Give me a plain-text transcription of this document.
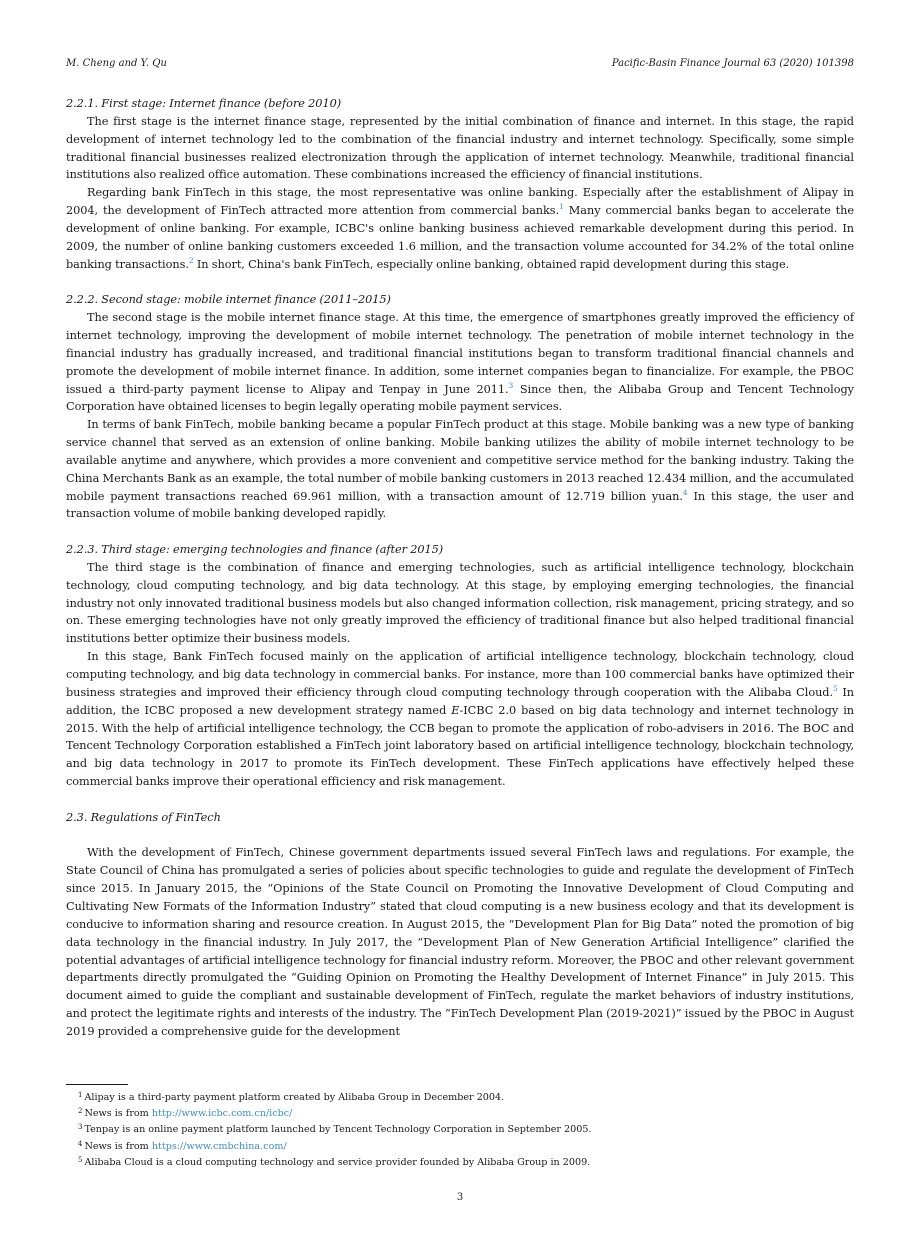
M. Cheng and Y. Qu	Pacific-Basin Finance Journal 63 (2020) 101398
2.2.1. First stage: Internet finance (before 2010)

The first stage is the internet finance stage, represented by the initial combination of finance and internet. In this stage, the rapid development of internet technology led to the combination of the financial industry and internet technology. Specifically, some simple traditional financial businesses realized electronization through the application of internet technology. Meanwhile, traditional financial institutions also realized office automation. These combinations increased the efficiency of financial institutions.

Regarding bank FinTech in this stage, the most representative was online banking. Especially after the establishment of Alipay in 2004, the development of FinTech attracted more attention from commercial banks.$^1$ Many commercial banks began to accelerate the development of online banking. For example, ICBC's online banking business achieved remarkable development during this period. In 2009, the number of online banking customers exceeded 1.6 million, and the transaction volume accounted for 34.2% of the total online banking transactions.$^2$ In short, China's bank FinTech, especially online banking, obtained rapid development during this stage.

2.2.2. Second stage: mobile internet finance (2011–2015)

The second stage is the mobile internet finance stage. At this time, the emergence of smartphones greatly improved the efficiency of internet technology, improving the development of mobile internet technology. The penetration of mobile internet technology in the financial industry has gradually increased, and traditional financial institutions began to transform traditional financial channels and promote the development of mobile internet finance. In addition, some internet companies began to financialize. For example, the PBOC issued a third-party payment license to Alipay and Tenpay in June 2011.$^3$ Since then, the Alibaba Group and Tencent Technology Corporation have obtained licenses to begin legally operating mobile payment services.

In terms of bank FinTech, mobile banking became a popular FinTech product at this stage. Mobile banking was a new type of banking service channel that served as an extension of online banking. Mobile banking utilizes the ability of mobile internet technology to be available anytime and anywhere, which provides a more convenient and competitive service method for the banking industry. Taking the China Merchants Bank as an example, the total number of mobile banking customers in 2013 reached 12.434 million, and the accumulated mobile payment transactions reached 69.961 million, with a transaction amount of 12.719 billion yuan.$^4$ In this stage, the user and transaction volume of mobile banking developed rapidly.

2.2.3. Third stage: emerging technologies and finance (after 2015)

The third stage is the combination of finance and emerging technologies, such as artificial intelligence technology, blockchain technology, cloud computing technology, and big data technology. At this stage, by employing emerging technologies, the financial industry not only innovated traditional business models but also changed information collection, risk management, pricing strategy, and so on. These emerging technologies have not only greatly improved the efficiency of traditional finance but also helped traditional financial institutions better optimize their business models.

In this stage, Bank FinTech focused mainly on the application of artificial intelligence technology, blockchain technology, cloud computing technology, and big data technology in commercial banks. For instance, more than 100 commercial banks have optimized their business strategies and improved their efficiency through cloud computing technology through cooperation with the Alibaba Cloud.$^5$ In addition, the ICBC proposed a new development strategy named E-ICBC 2.0 based on big data technology and internet technology in 2015. With the help of artificial intelligence technology, the CCB began to promote the application of robo-advisers in 2016. The BOC and Tencent Technology Corporation established a FinTech joint laboratory based on artificial intelligence technology, blockchain technology, and big data technology in 2017 to promote its FinTech development. These FinTech applications have effectively helped these commercial banks improve their operational efficiency and risk management.

2.3. Regulations of FinTech

With the development of FinTech, Chinese government departments issued several FinTech laws and regulations. For example, the State Council of China has promulgated a series of policies about specific technologies to guide and regulate the development of FinTech since 2015. In January 2015, the “Opinions of the State Council on Promoting the Innovative Development of Cloud Computing and Cultivating New Formats of the Information Industry” stated that cloud computing is a new business ecology and that its development is conducive to information sharing and resource creation. In August 2015, the “Development Plan for Big Data” noted the promotion of big data technology in the financial industry. In July 2017, the “Development Plan of New Generation Artificial Intelligence” clarified the potential advantages of artificial intelligence technology for financial industry reform. Moreover, the PBOC and other relevant government departments directly promulgated the “Guiding Opinion on Promoting the Healthy Development of Internet Finance” in July 2015. This document aimed to guide the compliant and sustainable development of FinTech, regulate the market behaviors of industry institutions, and protect the legitimate rights and interests of the industry. The “FinTech Development Plan (2019-2021)” issued by the PBOC in August 2019 provided a comprehensive guide for the development

$^1$ Alipay is a third-party payment platform created by Alibaba Group in December 2004.
$^2$ News is from http://www.icbc.com.cn/icbc/
$^3$ Tenpay is an online payment platform launched by Tencent Technology Corporation in September 2005.
$^4$ News is from https://www.cmbchina.com/
$^5$ Alibaba Cloud is a cloud computing technology and service provider founded by Alibaba Group in 2009.
3
